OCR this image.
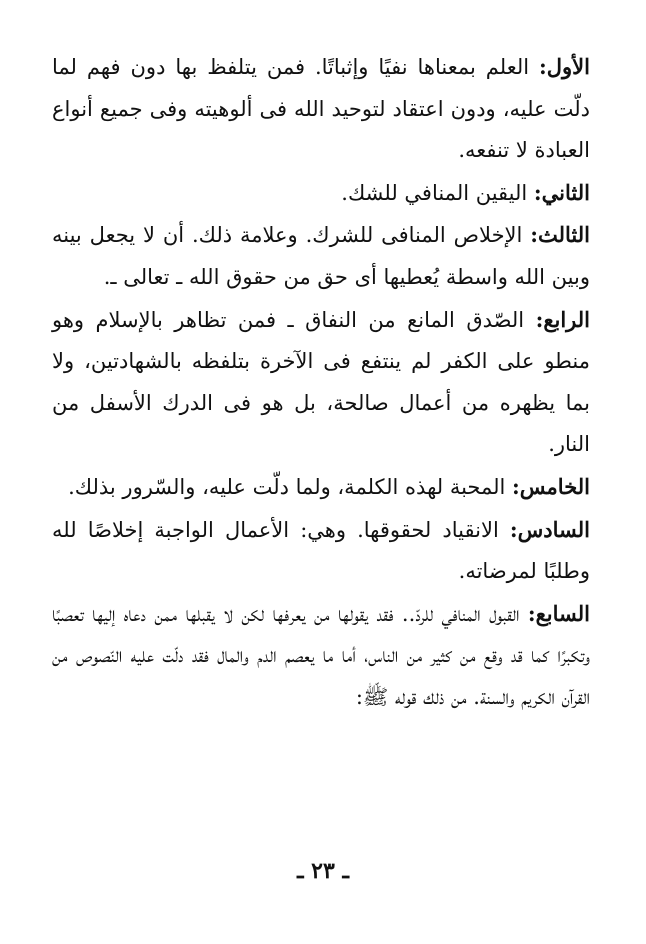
الأول: العلم بمعناها نفيًا وإثباتًا. فمن يتلفظ بها دون فهم لما دلّت عليه، ودون اعتقاد لتوحيد الله فى ألوهيته وفى جميع أنواع العبادة لا تنفعه.

الثاني: اليقين المنافي للشك.

الثالث: الإخلاص المنافى للشرك. وعلامة ذلك. أن لا يجعل بينه وبين الله واسطة يُعطيها أى حق من حقوق الله ـ تعالى ـ.

الرابع: الصّدق المانع من النفاق ـ فمن تظاهر بالإسلام وهو منطو على الكفر لم ينتفع فى الآخرة بتلفظه بالشهادتين، ولا بما يظهره من أعمال صالحة، بل هو فى الدرك الأسفل من النار.

الخامس: المحبة لهذه الكلمة، ولما دلّت عليه، والسّرور بذلك.

السادس: الانقياد لحقوقها. وهي: الأعمال الواجبة إخلاصًا لله وطلبًا لمرضاته.

السابع: القبول المنافي للردّ.. فقد يقولها من يعرفها لكن لا يقبلها ممن دعاه إليها تعصبًا وتكبرًا كما قد وقع من كثير من الناس، أما ما يعصم الدم والمال فقد دلّت عليه النّصوص من القرآن الكريم والسنة. من ذلك قوله ﷺ:

ـ ٢٣ ـ
